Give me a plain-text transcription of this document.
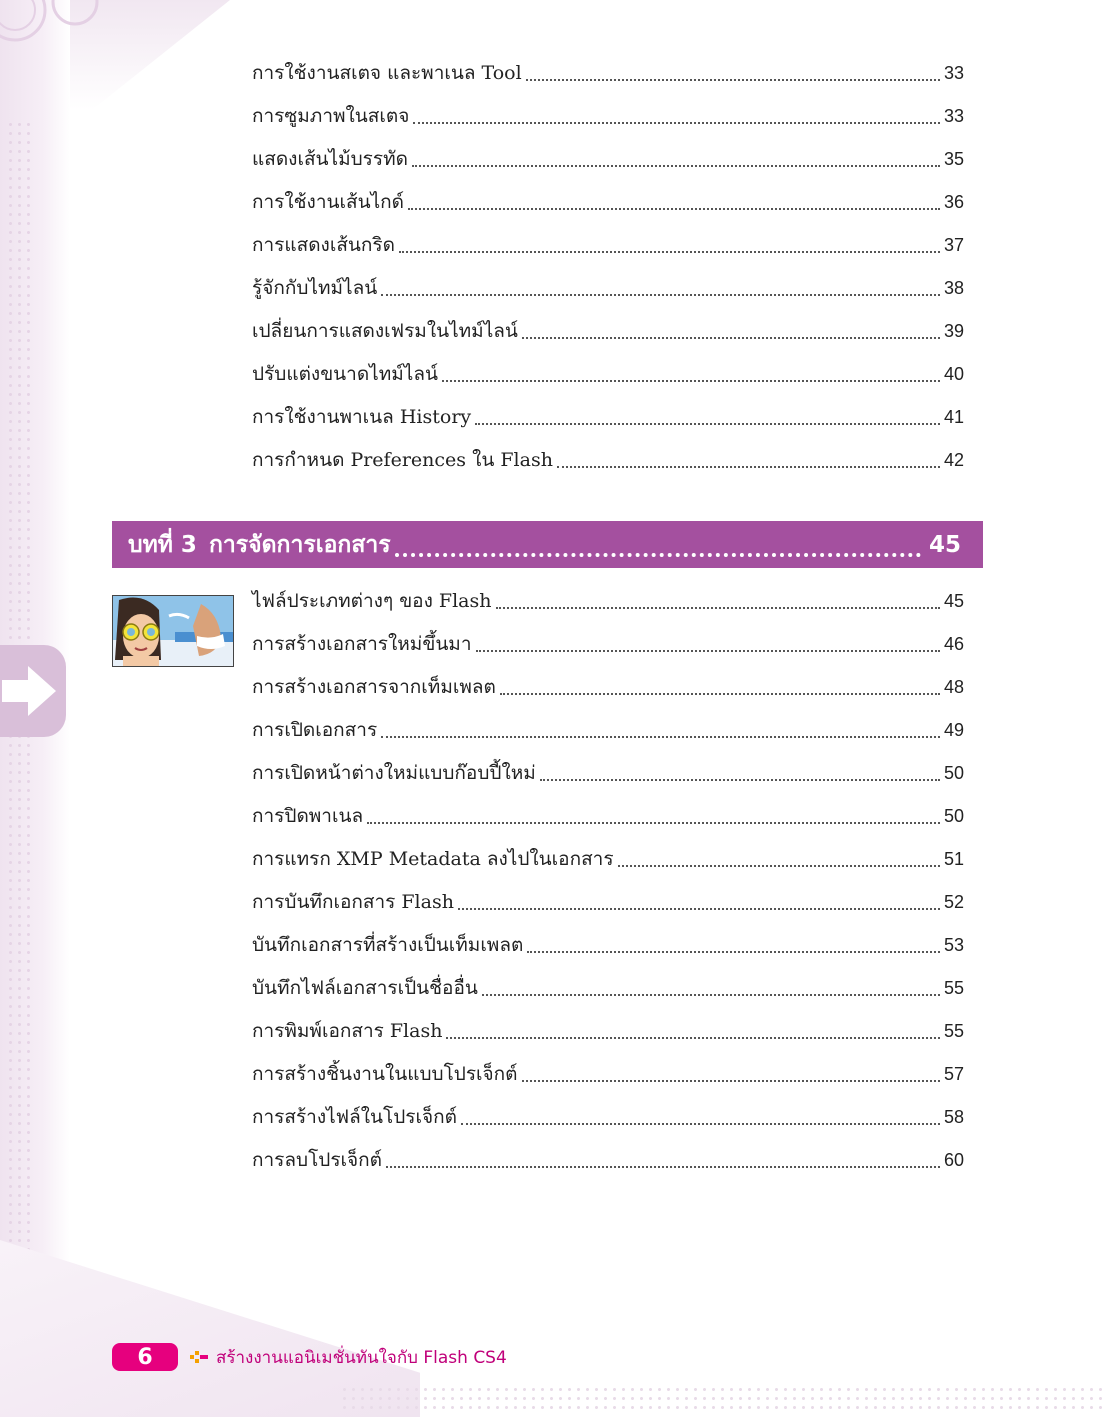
การใช้งานสเตจ และพาเนล Tool	33
การซูมภาพในสเตจ	33
แสดงเส้นไม้บรรทัด	35
การใช้งานเส้นไกด์	36
การแสดงเส้นกริด	37
รู้จักกับไทม์ไลน์	38
เปลี่ยนการแสดงเฟรมในไทม์ไลน์	39
ปรับแต่งขนาดไทม์ไลน์	40
การใช้งานพาเนล History	41
การกำหนด Preferences ใน Flash	42
บทที่ 3 การจัดการเอกสาร	45
ไฟล์ประเภทต่างๆ ของ Flash	45
การสร้างเอกสารใหม่ขึ้นมา	46
การสร้างเอกสารจากเท็มเพลต	48
การเปิดเอกสาร	49
การเปิดหน้าต่างใหม่แบบก๊อบปี้ใหม่	50
การปิดพาเนล	50
การแทรก XMP Metadata ลงไปในเอกสาร	51
การบันทึกเอกสาร Flash	52
บันทึกเอกสารที่สร้างเป็นเท็มเพลต	53
บันทึกไฟล์เอกสารเป็นชื่ออื่น	55
การพิมพ์เอกสาร Flash	55
การสร้างชิ้นงานในแบบโปรเจ็กต์	57
การสร้างไฟล์ในโปรเจ็กต์	58
การลบโปรเจ็กต์	60
6	สร้างงานแอนิเมชั่นทันใจกับ Flash CS4
